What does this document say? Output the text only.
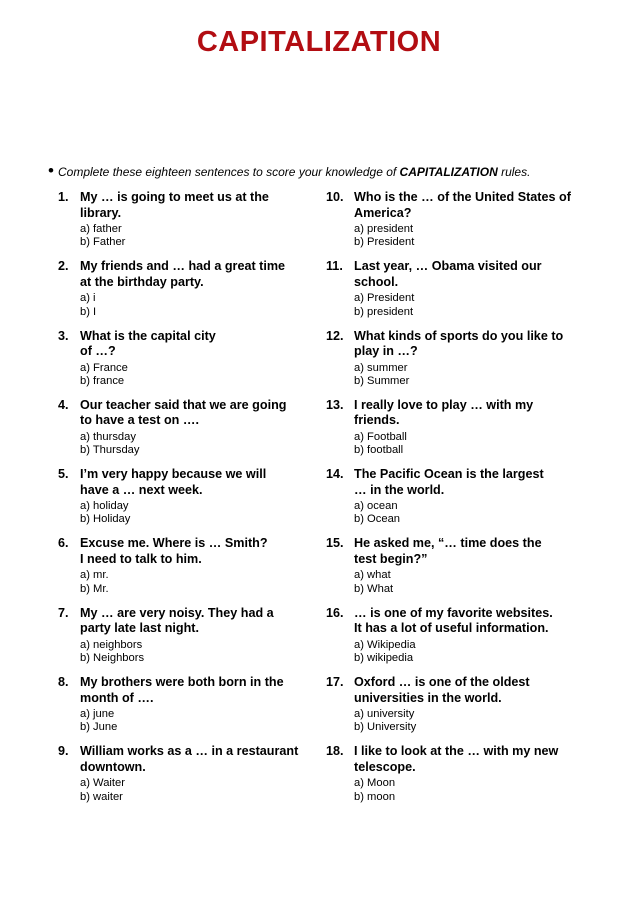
CAPITALIZATION
• Complete these eighteen sentences to score your knowledge of CAPITALIZATION rules.
1. My … is going to meet us at the
library.
a) father
b) Father
2. My friends and … had a great time
at the birthday party.
a) i
b) I
3. What is the capital city
of …?
a) France
b) france
4. Our teacher said that we are going
to have a test on ….
a) thursday
b) Thursday
5. I’m very happy because we will
have a … next week.
a) holiday
b) Holiday
6. Excuse me. Where is … Smith?
I need to talk to him.
a) mr.
b) Mr.
7. My … are very noisy. They had a
party late last night.
a) neighbors
b) Neighbors
8. My brothers were both born in the
month of ….
a) june
b) June
9. William works as a … in a restaurant
downtown.
a) Waiter
b) waiter
10. Who is the … of the United States of
America?
a) president
b) President
11. Last year, … Obama visited our
school.
a) President
b) president
12. What kinds of sports do you like to
play in …?
a) summer
b) Summer
13. I really love to play … with my
friends.
a) Football
b) football
14. The Pacific Ocean is the largest
… in the world.
a) ocean
b) Ocean
15. He asked me, “… time does the
test begin?”
a) what
b) What
16. … is one of my favorite websites.
It has a lot of useful information.
a) Wikipedia
b) wikipedia
17. Oxford … is one of the oldest
universities in the world.
a) university
b) University
18. I like to look at the … with my new
telescope.
a) Moon
b) moon
